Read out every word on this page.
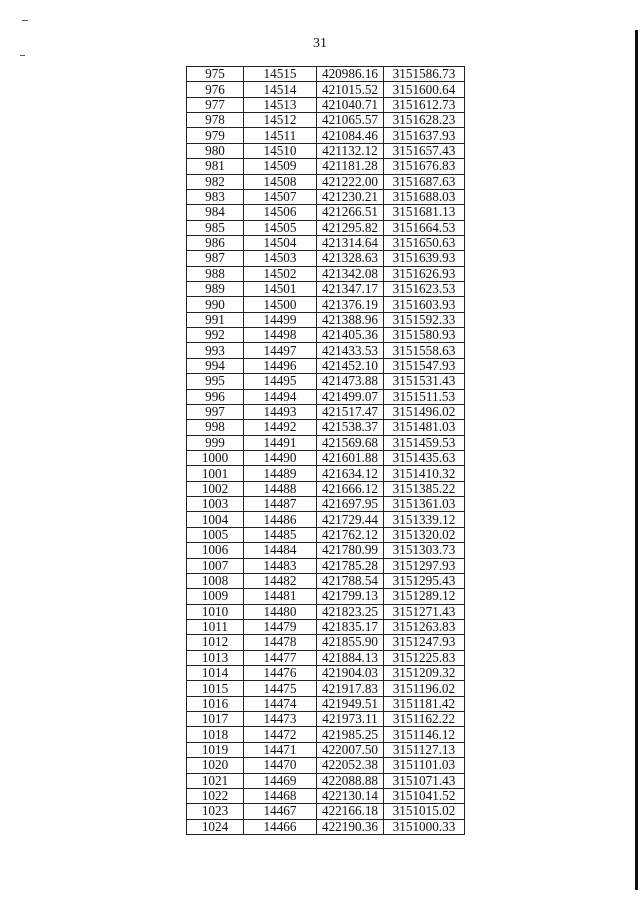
31
975	14515	420986.16	3151586.73
976	14514	421015.52	3151600.64
977	14513	421040.71	3151612.73
978	14512	421065.57	3151628.23
979	14511	421084.46	3151637.93
980	14510	421132.12	3151657.43
981	14509	421181.28	3151676.83
982	14508	421222.00	3151687.63
983	14507	421230.21	3151688.03
984	14506	421266.51	3151681.13
985	14505	421295.82	3151664.53
986	14504	421314.64	3151650.63
987	14503	421328.63	3151639.93
988	14502	421342.08	3151626.93
989	14501	421347.17	3151623.53
990	14500	421376.19	3151603.93
991	14499	421388.96	3151592.33
992	14498	421405.36	3151580.93
993	14497	421433.53	3151558.63
994	14496	421452.10	3151547.93
995	14495	421473.88	3151531.43
996	14494	421499.07	3151511.53
997	14493	421517.47	3151496.02
998	14492	421538.37	3151481.03
999	14491	421569.68	3151459.53
1000	14490	421601.88	3151435.63
1001	14489	421634.12	3151410.32
1002	14488	421666.12	3151385.22
1003	14487	421697.95	3151361.03
1004	14486	421729.44	3151339.12
1005	14485	421762.12	3151320.02
1006	14484	421780.99	3151303.73
1007	14483	421785.28	3151297.93
1008	14482	421788.54	3151295.43
1009	14481	421799.13	3151289.12
1010	14480	421823.25	3151271.43
1011	14479	421835.17	3151263.83
1012	14478	421855.90	3151247.93
1013	14477	421884.13	3151225.83
1014	14476	421904.03	3151209.32
1015	14475	421917.83	3151196.02
1016	14474	421949.51	3151181.42
1017	14473	421973.11	3151162.22
1018	14472	421985.25	3151146.12
1019	14471	422007.50	3151127.13
1020	14470	422052.38	3151101.03
1021	14469	422088.88	3151071.43
1022	14468	422130.14	3151041.52
1023	14467	422166.18	3151015.02
1024	14466	422190.36	3151000.33
